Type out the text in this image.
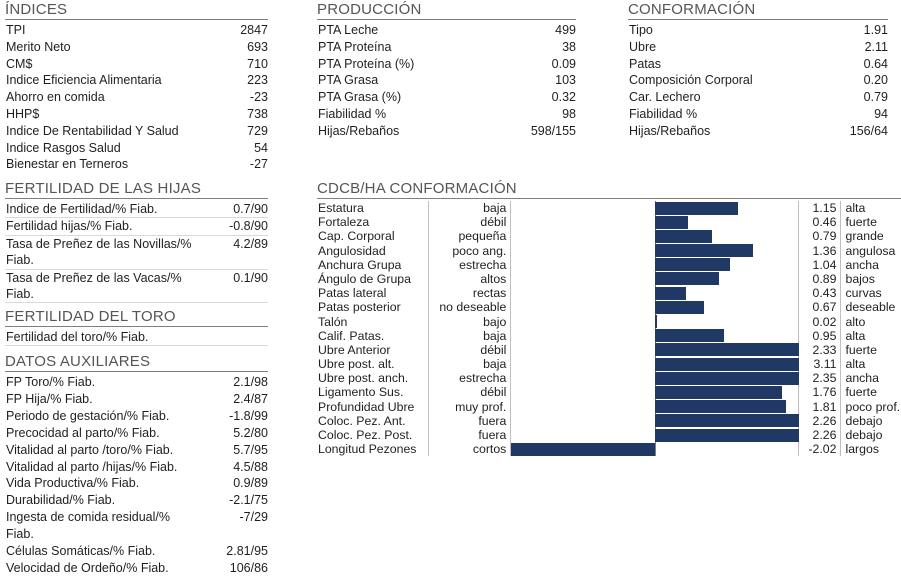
ÍNDICES
TPI	2847
Merito Neto	693
CM$	710
Indice Eficiencia Alimentaria	223
Ahorro en comida	-23
HHP$	738
Indice De Rentabilidad Y Salud	729
Indice Rasgos Salud	54
Bienestar en Terneros	-27
PRODUCCIÓN
PTA Leche	499
PTA Proteína	38
PTA Proteína (%)	0.09
PTA Grasa	103
PTA Grasa (%)	0.32
Fiabilidad %	98
Hijas/Rebaños	598/155
CONFORMACIÓN
Tipo	1.91
Ubre	2.11
Patas	0.64
Composición Corporal	0.20
Car. Lechero	0.79
Fiabilidad %	94
Hijas/Rebaños	156/64
FERTILIDAD DE LAS HIJAS
Indice de Fertilidad/% Fiab.	0.7/90
Fertilidad hijas/% Fiab.	-0.8/90
Tasa de Preñez de las Novillas/% Fiab.
4.2/89
Tasa de Preñez de las Vacas/% Fiab.
0.1/90
FERTILIDAD DEL TORO
Fertilidad del toro/% Fiab.
DATOS AUXILIARES
FP Toro/% Fiab.	2.1/98
FP Hija/% Fiab.	2.4/87
Periodo de gestación/% Fiab.	-1.8/99
Precocidad al parto/% Fiab.	5.2/80
Vitalidad al parto /toro/% Fiab.	5.7/95
Vitalidad al parto /hijas/% Fiab.	4.5/88
Vida Productiva/% Fiab.	0.9/89
Durabilidad/% Fiab.	-2.1/75
Ingesta de comida residual/% Fiab.
-7/29
Células Somáticas/% Fiab.	2.81/95
Velocidad de Ordeño/% Fiab.	106/86
CDCB/HA CONFORMACIÓN
Estatura	baja	1.15 alta
Fortaleza	débil	0.46 fuerte
Cap. Corporal	pequeña	0.79 grande
Angulosidad	poco ang.	1.36 angulosa
Anchura Grupa	estrecha	1.04 ancha
Ángulo de Grupa	altos	0.89 bajos
Patas lateral	rectas	0.43 curvas
Patas posterior	no deseable	0.67 deseable
Talón	bajo	0.02 alto
Calif. Patas.	baja	0.95 alta
Ubre Anterior	débil	2.33 fuerte
Ubre post. alt.	baja	3.11 alta
Ubre post. anch.	estrecha	2.35 ancha
Ligamento Sus.	débil	1.76 fuerte
Profundidad Ubre	muy prof.	1.81 poco prof.
Coloc. Pez. Ant.	fuera	2.26 debajo
Coloc. Pez. Post.	fuera	2.26 debajo
Longitud Pezones	cortos	-2.02 largos
